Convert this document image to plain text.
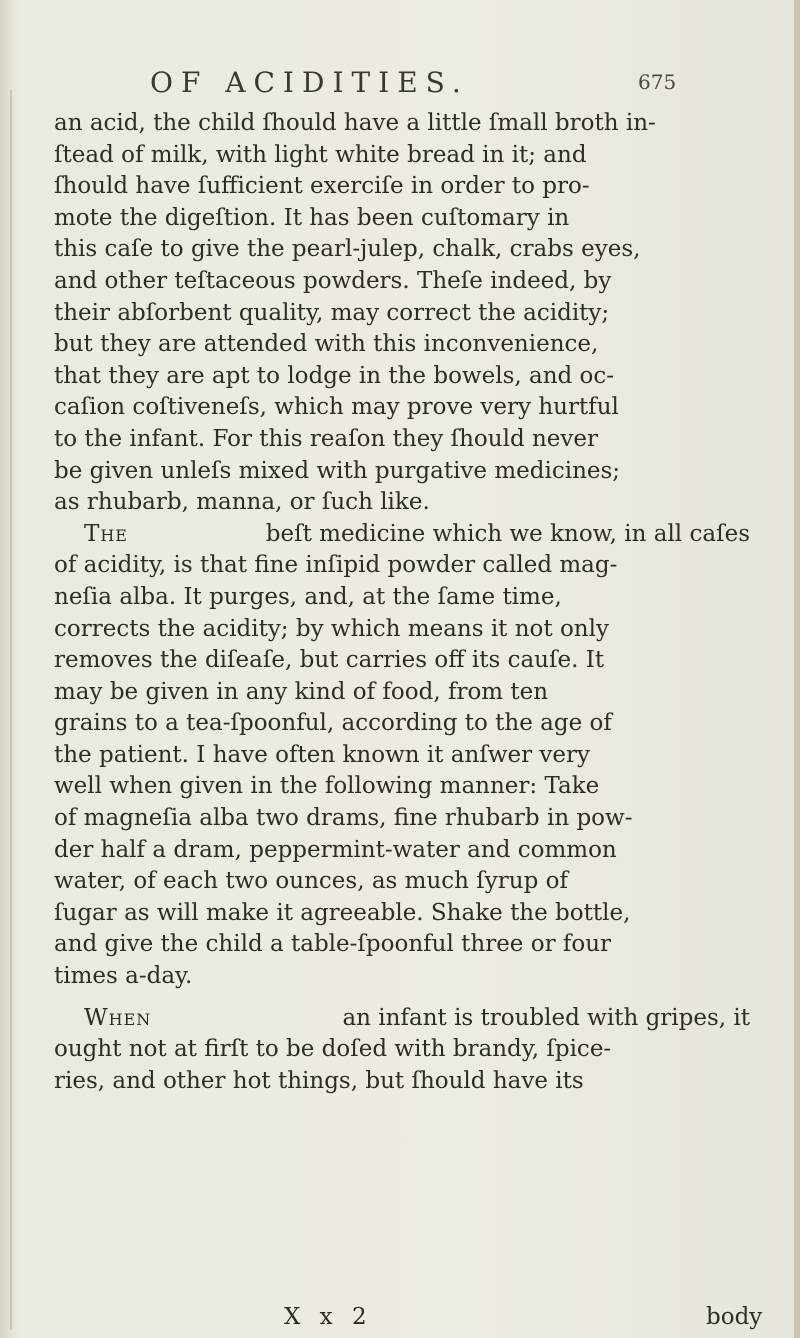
OF ACIDITIES.	675
an acid, the child ſhould have a little ſmall broth in-
ſtead of milk, with light white bread in it; and
ſhould have ſufficient exerciſe in order to pro-
mote the digeſtion. It has been cuſtomary in
this caſe to give the pearl-julep, chalk, crabs eyes,
and other teſtaceous powders. Theſe indeed, by
their abſorbent quality, may correct the acidity;
but they are attended with this inconvenience,
that they are apt to lodge in the bowels, and oc-
caſion coſtiveneſs, which may prove very hurtful
to the infant. For this reaſon they ſhould never
be given unleſs mixed with purgative medicines;
as rhubarb, manna, or ſuch like.
The	beſt medicine which we know, in all caſes
of acidity, is that fine inſipid powder called mag-
neſia alba. It purges, and, at the ſame time,
corrects the acidity; by which means it not only
removes the diſeaſe, but carries off its cauſe. It
may be given in any kind of food, from ten
grains to a tea-ſpoonful, according to the age of
the patient. I have often known it anſwer very
well when given in the following manner: Take
of magneſia alba two drams, fine rhubarb in pow-
der half a dram, peppermint-water and common
water, of each two ounces, as much ſyrup of
ſugar as will make it agreeable. Shake the bottle,
and give the child a table-ſpoonful three or four
times a-day.
When	an infant is troubled with gripes, it
ought not at firſt to be doſed with brandy, ſpice-
ries, and other hot things, but ſhould have its
X x 2	body
